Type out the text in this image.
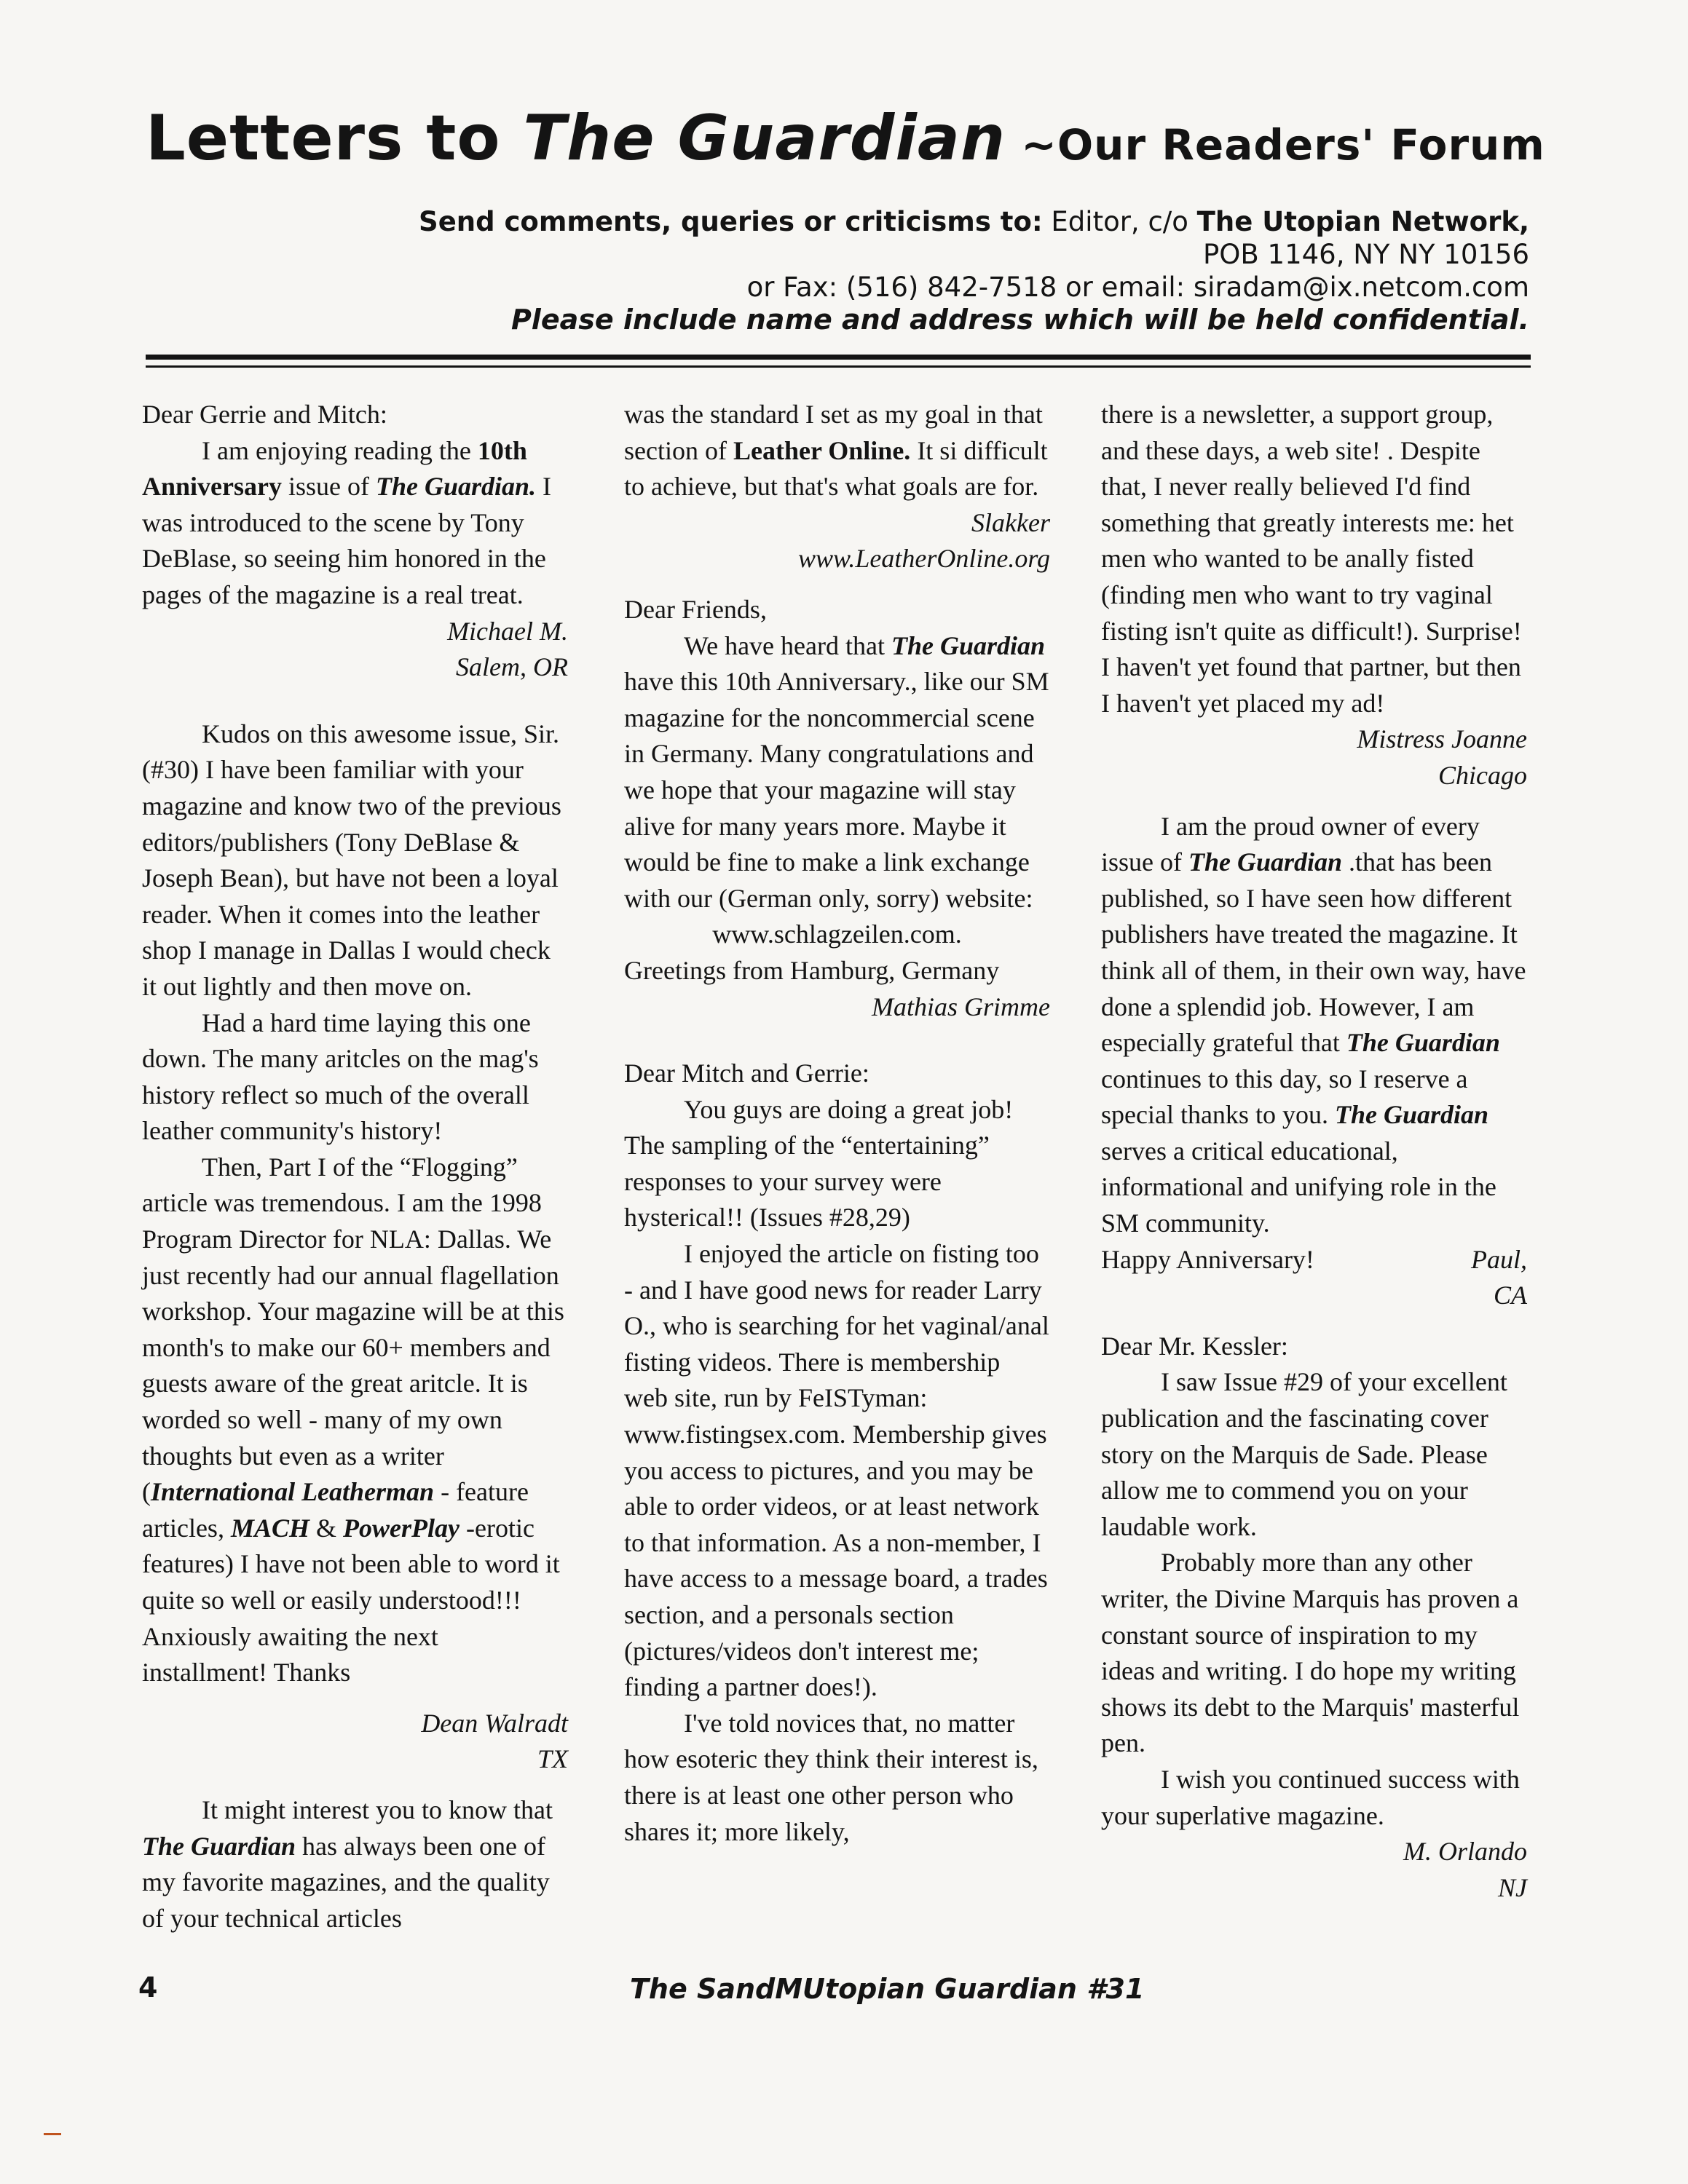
Letters to The Guardian ~Our Readers' Forum
Send comments, queries or criticisms to: Editor, c/o The Utopian Network,
POB 1146, NY NY 10156
or Fax: (516) 842-7518 or email: siradam@ix.netcom.com
Please include name and address which will be held confidential.

Dear Gerrie and Mitch:

I am enjoying reading the 10th Anniversary issue of The Guardian. I was introduced to the scene by Tony DeBlase, so seeing him honored in the pages of the magazine is a real treat.

Michael M.

Salem, OR

Kudos on this awesome issue, Sir. (#30) I have been familiar with your magazine and know two of the previous editors/publishers (Tony DeBlase & Joseph Bean), but have not been a loyal reader. When it comes into the leather shop I manage in Dallas I would check it out lightly and then move on.

Had a hard time laying this one down. The many aritcles on the mag's history reflect so much of the overall leather community's history!

Then, Part I of the “Flogging” article was tremendous. I am the 1998 Program Director for NLA: Dallas. We just recently had our annual flagellation workshop. Your magazine will be at this month's to make our 60+ members and guests aware of the great aritcle. It is worded so well - many of my own thoughts but even as a writer (International Leatherman - feature articles, MACH & PowerPlay -erotic features) I have not been able to word it quite so well or easily understood!!! Anxiously awaiting the next installment! Thanks

Dean Walradt

TX

It might interest you to know that The Guardian has always been one of my favorite magazines, and the quality of your technical articles

was the standard I set as my goal in that section of Leather Online. It si difficult to achieve, but that's what goals are for.

Slakker

www.LeatherOnline.org

Dear Friends,

We have heard that The Guardian have this 10th Anniversary., like our SM magazine for the noncommercial scene in Germany. Many congratulations and we hope that your magazine will stay alive for many years more. Maybe it would be fine to make a link exchange with our (German only, sorry) website:

www.schlagzeilen.com.

Greetings from Hamburg, Germany

Mathias Grimme

Dear Mitch and Gerrie:

You guys are doing a great job! The sampling of the “entertaining” responses to your survey were hysterical!! (Issues #28,29)

I enjoyed the article on fisting too - and I have good news for reader Larry O., who is searching for het vaginal/anal fisting videos. There is membership web site, run by FeISTyman: www.fistingsex.com. Membership gives you access to pictures, and you may be able to order videos, or at least network to that information. As a non-member, I have access to a message board, a trades section, and a personals section (pictures/videos don't interest me; finding a partner does!).

I've told novices that, no matter how esoteric they think their interest is, there is at least one other person who shares it; more likely,

there is a newsletter, a support group, and these days, a web site! . Despite that, I never really believed I'd find something that greatly interests me: het men who wanted to be anally fisted (finding men who want to try vaginal fisting isn't quite as difficult!). Surprise! I haven't yet found that partner, but then I haven't yet placed my ad!

Mistress Joanne

Chicago

I am the proud owner of every issue of The Guardian .that has been published, so I have seen how different publishers have treated the magazine. It think all of them, in their own way, have done a splendid job. However, I am especially grateful that The Guardian continues to this day, so I reserve a special thanks to you. The Guardian serves a critical educational, informational and unifying role in the SM community.

Happy Anniversary!	Paul,

CA

Dear Mr. Kessler:

I saw Issue #29 of your excellent publication and the fascinating cover story on the Marquis de Sade. Please allow me to commend you on your laudable work.

Probably more than any other writer, the Divine Marquis has proven a constant source of inspiration to my ideas and writing. I do hope my writing shows its debt to the Marquis' masterful pen.

I wish you continued success with your superlative magazine.

M. Orlando

NJ

4	The SandMUtopian Guardian #31
